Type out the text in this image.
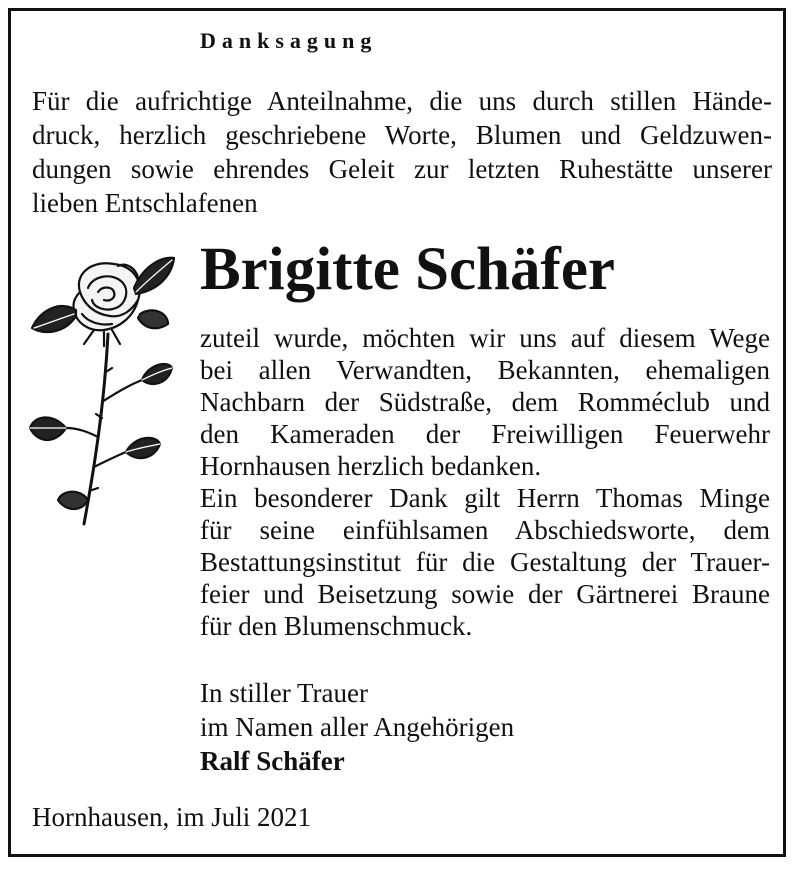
Danksagung
Für die aufrichtige Anteilnahme, die uns durch stillen Hände-
druck, herzlich geschriebene Worte, Blumen und Geldzuwen-
dungen sowie ehrendes Geleit zur letzten Ruhestätte unserer
lieben Entschlafenen
Brigitte Schäfer
zuteil wurde, möchten wir uns auf diesem Wege
bei allen Verwandten, Bekannten, ehemaligen
Nachbarn der Südstraße, dem Romméclub und
den Kameraden der Freiwilligen Feuerwehr
Hornhausen herzlich bedanken.
Ein besonderer Dank gilt Herrn Thomas Minge
für seine einfühlsamen Abschiedsworte, dem
Bestattungsinstitut für die Gestaltung der Trauer-
feier und Beisetzung sowie der Gärtnerei Braune
für den Blumenschmuck.
In stiller Trauer
im Namen aller Angehörigen
Ralf Schäfer
Hornhausen, im Juli 2021
